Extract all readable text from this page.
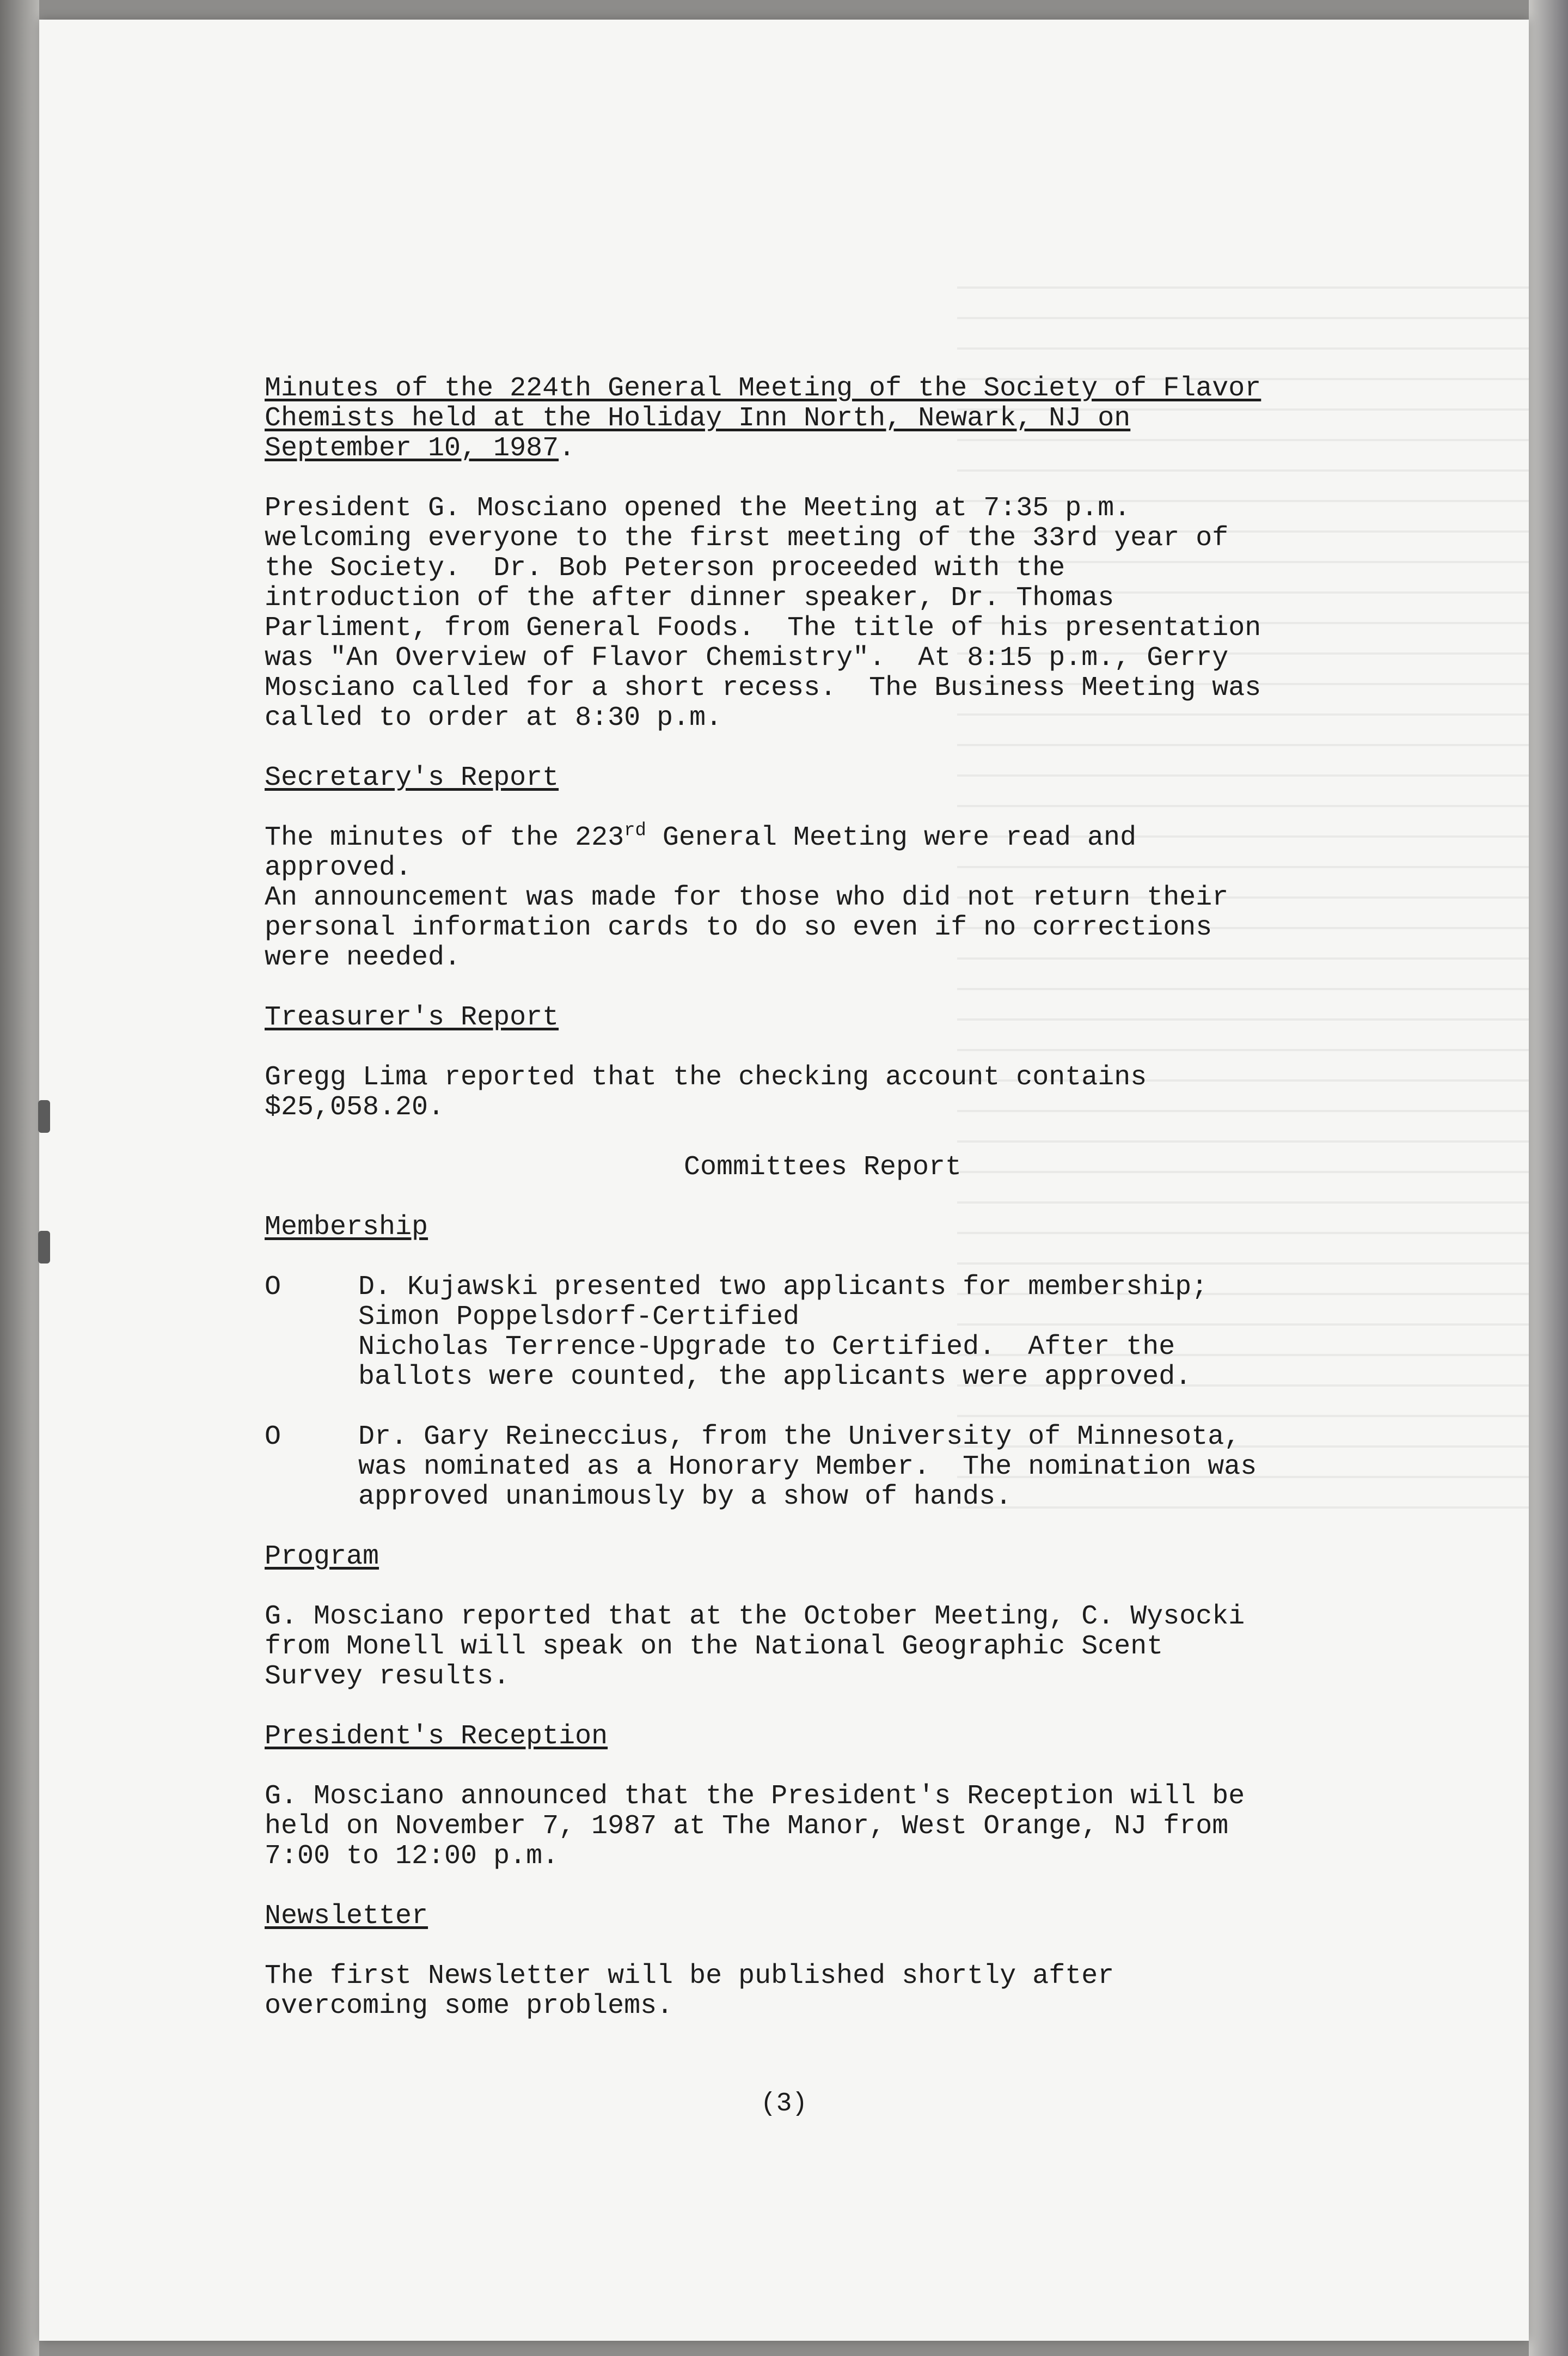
Minutes of the 224th General Meeting of the Society of Flavor
Chemists held at the Holiday Inn North, Newark, NJ on
September 10, 1987.

President G. Mosciano opened the Meeting at 7:35 p.m.
welcoming everyone to the first meeting of the 33rd year of
the Society.  Dr. Bob Peterson proceeded with the
introduction of the after dinner speaker, Dr. Thomas
Parliment, from General Foods.  The title of his presentation
was "An Overview of Flavor Chemistry".  At 8:15 p.m., Gerry
Mosciano called for a short recess.  The Business Meeting was
called to order at 8:30 p.m.

Secretary's Report

The minutes of the 223rd General Meeting were read and
approved.
An announcement was made for those who did not return their
personal information cards to do so even if no corrections
were needed.

Treasurer's Report

Gregg Lima reported that the checking account contains
$25,058.20.

Committees Report

Membership

O	D. Kujawski presented two applicants for membership;
Simon Poppelsdorf-Certified
Nicholas Terrence-Upgrade to Certified.  After the
ballots were counted, the applicants were approved.
O	Dr. Gary Reineccius, from the University of Minnesota,
was nominated as a Honorary Member.  The nomination was
approved unanimously by a show of hands.

Program

G. Mosciano reported that at the October Meeting, C. Wysocki
from Monell will speak on the National Geographic Scent
Survey results.

President's Reception

G. Mosciano announced that the President's Reception will be
held on November 7, 1987 at The Manor, West Orange, NJ from
7:00 to 12:00 p.m.

Newsletter

The first Newsletter will be published shortly after
overcoming some problems.

(3)
